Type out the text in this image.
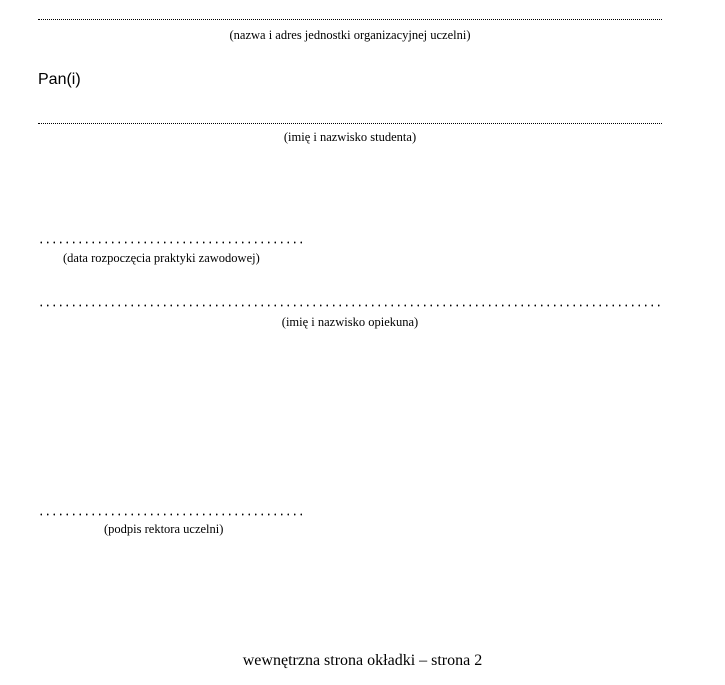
(nazwa i adres jednostki organizacyjnej uczelni)
Pan(i)
(imię i nazwisko studenta)
(data rozpoczęcia praktyki zawodowej)
(imię i nazwisko opiekuna)
(podpis rektora uczelni)
wewnętrzna strona okładki – strona 2
